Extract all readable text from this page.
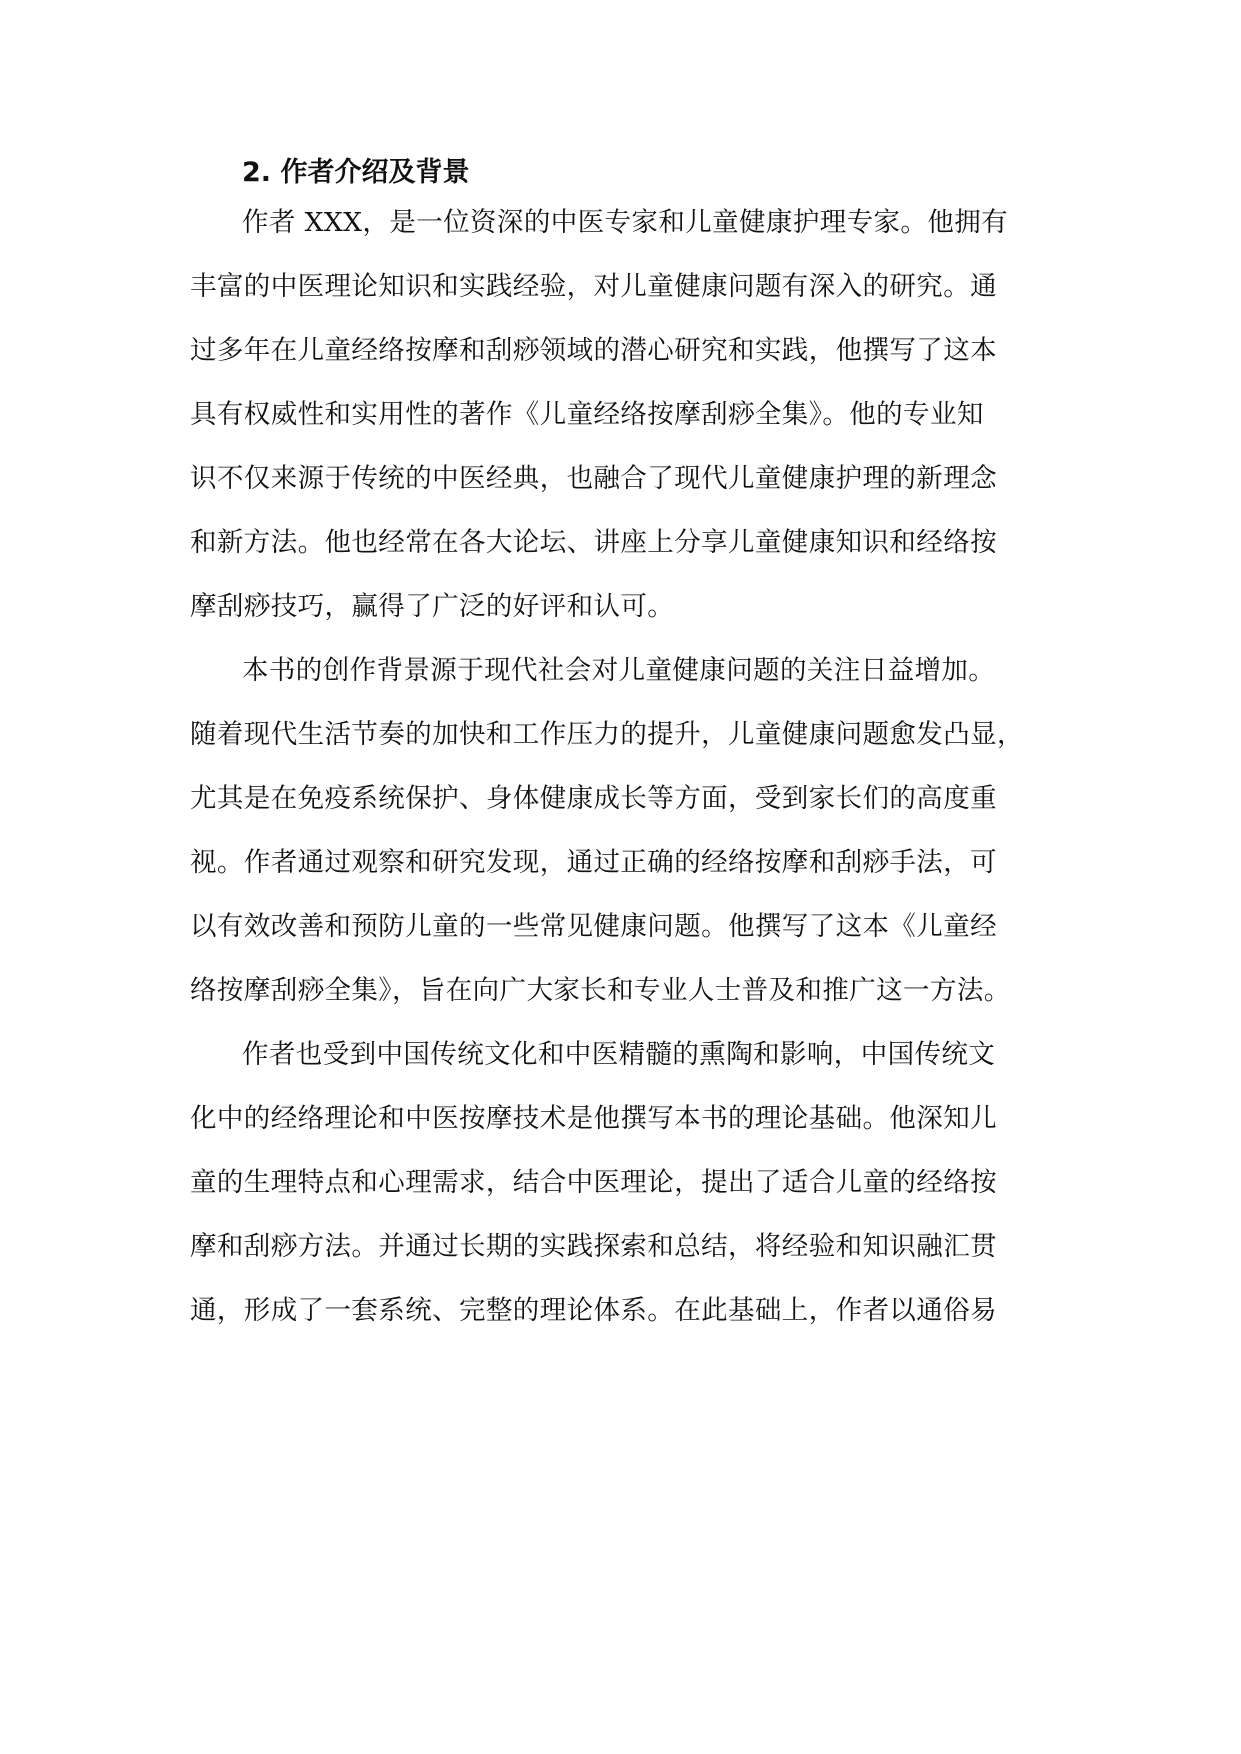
2. 作者介绍及背景

作者 XXX，是一位资深的中医专家和儿童健康护理专家。他拥有

丰富的中医理论知识和实践经验，对儿童健康问题有深入的研究。通

过多年在儿童经络按摩和刮痧领域的潜心研究和实践，他撰写了这本

具有权威性和实用性的著作《儿童经络按摩刮痧全集》。他的专业知

识不仅来源于传统的中医经典，也融合了现代儿童健康护理的新理念

和新方法。他也经常在各大论坛、讲座上分享儿童健康知识和经络按

摩刮痧技巧，赢得了广泛的好评和认可。

本书的创作背景源于现代社会对儿童健康问题的关注日益增加。

随着现代生活节奏的加快和工作压力的提升，儿童健康问题愈发凸显，

尤其是在免疫系统保护、身体健康成长等方面，受到家长们的高度重

视。作者通过观察和研究发现，通过正确的经络按摩和刮痧手法，可

以有效改善和预防儿童的一些常见健康问题。他撰写了这本《儿童经

络按摩刮痧全集》，旨在向广大家长和专业人士普及和推广这一方法。

作者也受到中国传统文化和中医精髓的熏陶和影响，中国传统文

化中的经络理论和中医按摩技术是他撰写本书的理论基础。他深知儿

童的生理特点和心理需求，结合中医理论，提出了适合儿童的经络按

摩和刮痧方法。并通过长期的实践探索和总结，将经验和知识融汇贯

通，形成了一套系统、完整的理论体系。在此基础上，作者以通俗易
